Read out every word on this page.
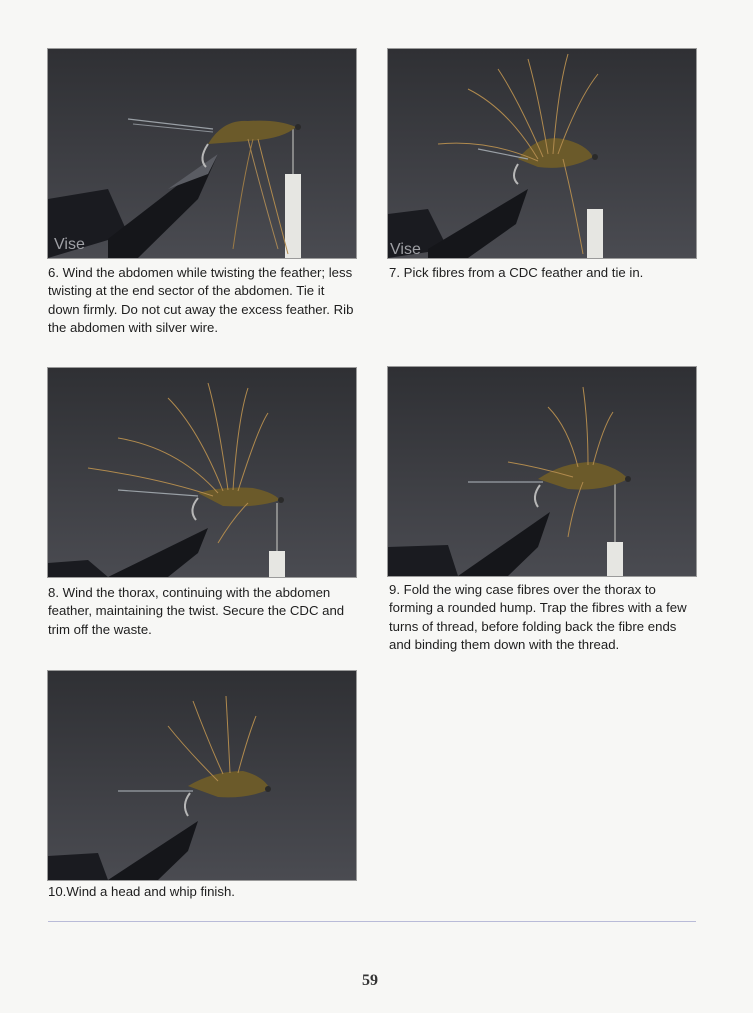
Vise

6. Wind the abdomen while twisting the feather; less twisting at the end sector of the abdomen. Tie it down firmly. Do not cut away the excess feather. Rib the abdomen with silver wire.

Vise

7. Pick fibres from a CDC feather and tie in.

8. Wind the thorax, continuing with the abdomen feather, maintaining the twist. Secure the CDC and trim off the waste.

9. Fold the wing case fibres over the thorax to forming a rounded hump. Trap the fibres with a few turns of thread, before folding back the fibre ends and binding them down with the thread.

10.Wind a head and whip finish.

59
